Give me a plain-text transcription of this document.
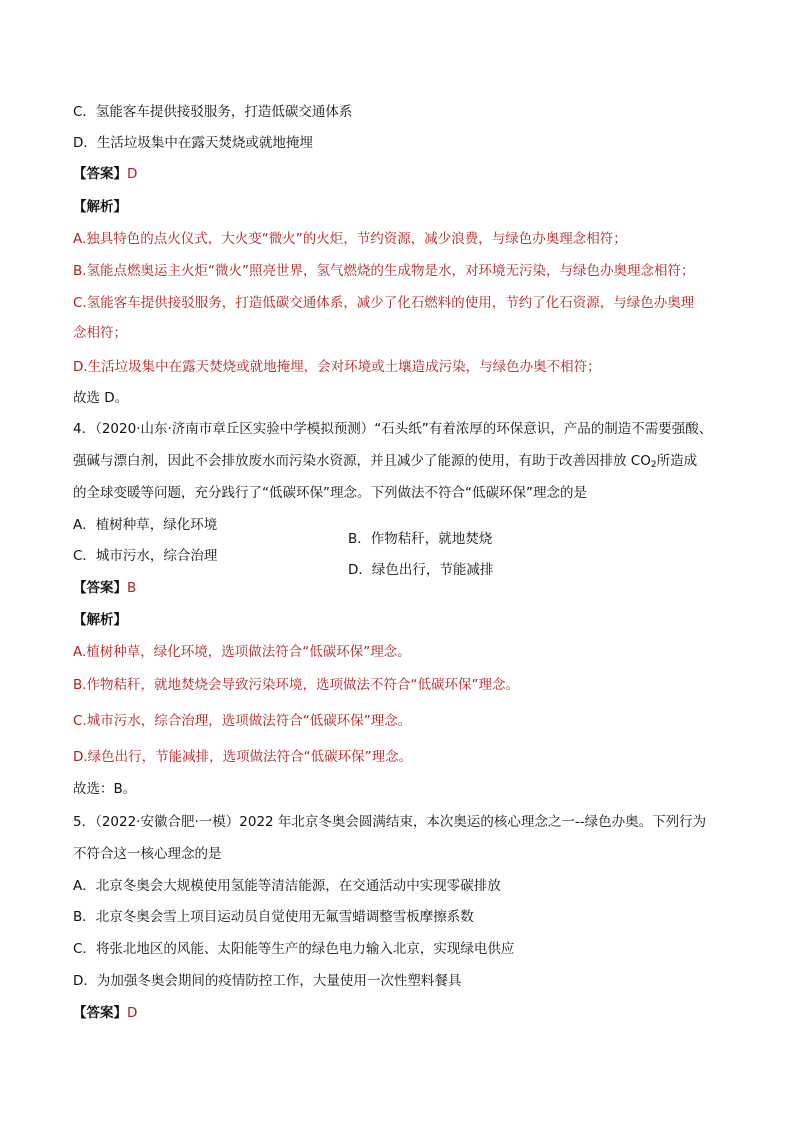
C．氢能客车提供接驳服务，打造低碳交通体系

D．生活垃圾集中在露天焚烧或就地掩埋

【答案】D

【解析】

A.独具特色的点火仪式，大火变“微火”的火炬，节约资源，减少浪费，与绿色办奥理念相符；

B.氢能点燃奥运主火炬“微火”照亮世界，氢气燃烧的生成物是水，对环境无污染，与绿色办奥理念相符；

C.氢能客车提供接驳服务，打造低碳交通体系，减少了化石燃料的使用，节约了化石资源，与绿色办奥理

念相符；

D.生活垃圾集中在露天焚烧或就地掩埋，会对环境或土壤造成污染，与绿色办奥不相符；

故选 D。

4．（2020·山东·济南市章丘区实验中学模拟预测）“石头纸”有着浓厚的环保意识，产品的制造不需要强酸、

强碱与漂白剂，因此不会排放废水而污染水资源，并且减少了能源的使用，有助于改善因排放 $CO_2$所造成

的全球变暖等问题，充分践行了“低碳环保”理念。下列做法不符合“低碳环保”理念的是

A．植树种草，绿化环境

B．作物秸秆，就地焚烧

C．城市污水，综合治理

D．绿色出行，节能减排

【答案】B

【解析】

A.植树种草，绿化环境，选项做法符合“低碳环保”理念。

B.作物秸秆，就地焚烧会导致污染环境，选项做法不符合“低碳环保”理念。

C.城市污水，综合治理，选项做法符合“低碳环保”理念。

D.绿色出行，节能减排，选项做法符合“低碳环保”理念。

故选：B。

5．（2022·安徽合肥·一模）2022 年北京冬奥会圆满结束，本次奥运的核心理念之一--绿色办奥。下列行为

不符合这一核心理念的是

A．北京冬奥会大规模使用氢能等清洁能源，在交通活动中实现零碳排放

B．北京冬奥会雪上项目运动员自觉使用无氟雪蜡调整雪板摩擦系数

C．将张北地区的风能、太阳能等生产的绿色电力输入北京，实现绿电供应

D．为加强冬奥会期间的疫情防控工作，大量使用一次性塑料餐具

【答案】D
